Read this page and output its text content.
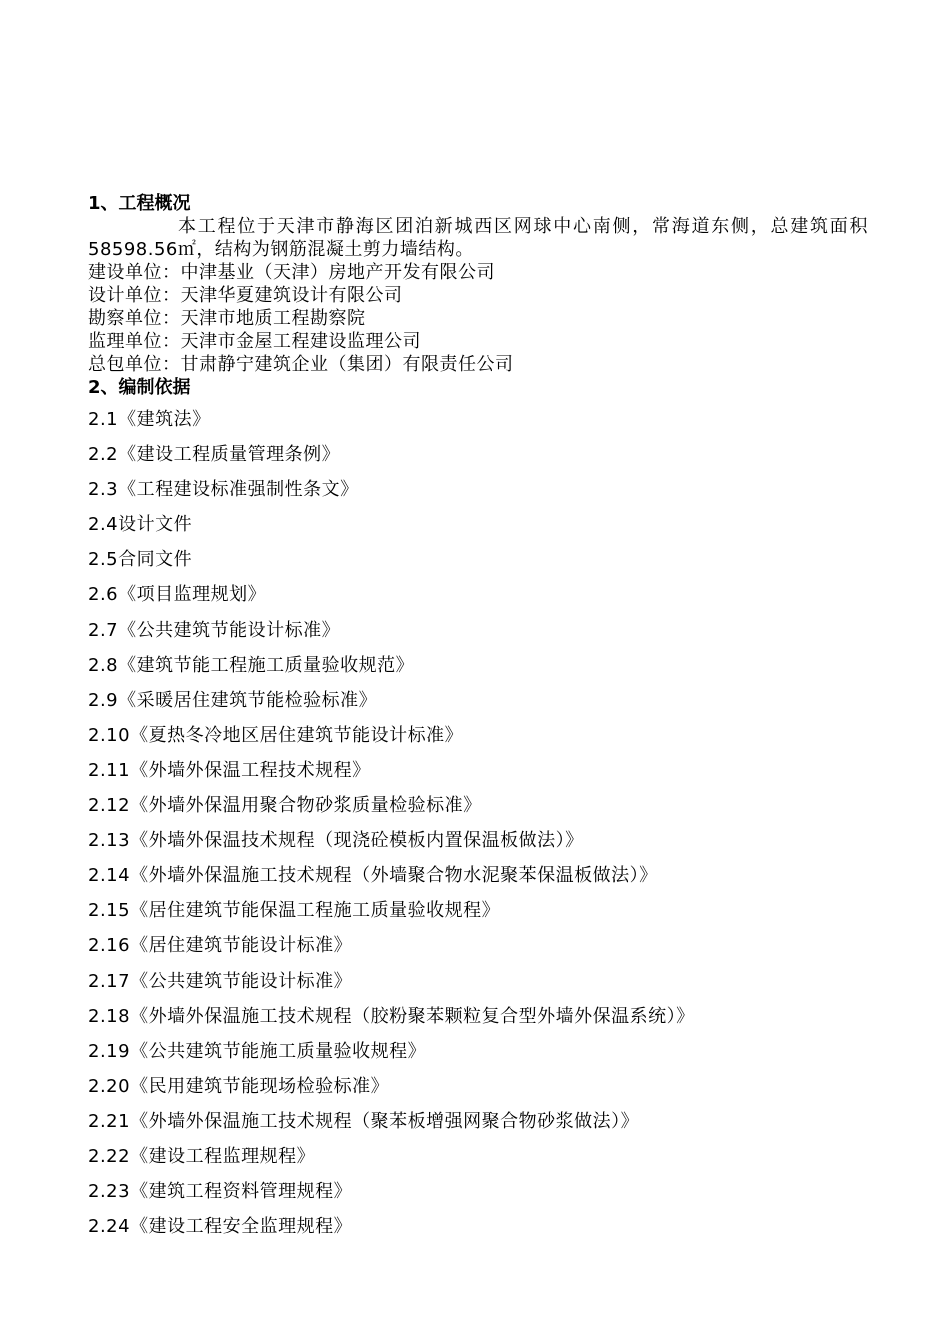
1、工程概况
本工程位于天津市静海区团泊新城西区网球中心南侧，常海道东侧，总建筑面积58598.56㎡，结构为钢筋混凝土剪力墙结构。
建设单位：中津基业（天津）房地产开发有限公司
设计单位：天津华夏建筑设计有限公司
勘察单位：天津市地质工程勘察院
监理单位：天津市金屋工程建设监理公司
总包单位：甘肃静宁建筑企业（集团）有限责任公司
2、编制依据
2.1《建筑法》
2.2《建设工程质量管理条例》
2.3《工程建设标准强制性条文》
2.4设计文件
2.5合同文件
2.6《项目监理规划》
2.7《公共建筑节能设计标准》
2.8《建筑节能工程施工质量验收规范》
2.9《采暖居住建筑节能检验标准》
2.10《夏热冬冷地区居住建筑节能设计标准》
2.11《外墙外保温工程技术规程》
2.12《外墙外保温用聚合物砂浆质量检验标准》
2.13《外墙外保温技术规程（现浇砼模板内置保温板做法）》
2.14《外墙外保温施工技术规程（外墙聚合物水泥聚苯保温板做法）》
2.15《居住建筑节能保温工程施工质量验收规程》
2.16《居住建筑节能设计标准》
2.17《公共建筑节能设计标准》
2.18《外墙外保温施工技术规程（胶粉聚苯颗粒复合型外墙外保温系统）》
2.19《公共建筑节能施工质量验收规程》
2.20《民用建筑节能现场检验标准》
2.21《外墙外保温施工技术规程（聚苯板增强网聚合物砂浆做法）》
2.22《建设工程监理规程》
2.23《建筑工程资料管理规程》
2.24《建设工程安全监理规程》
